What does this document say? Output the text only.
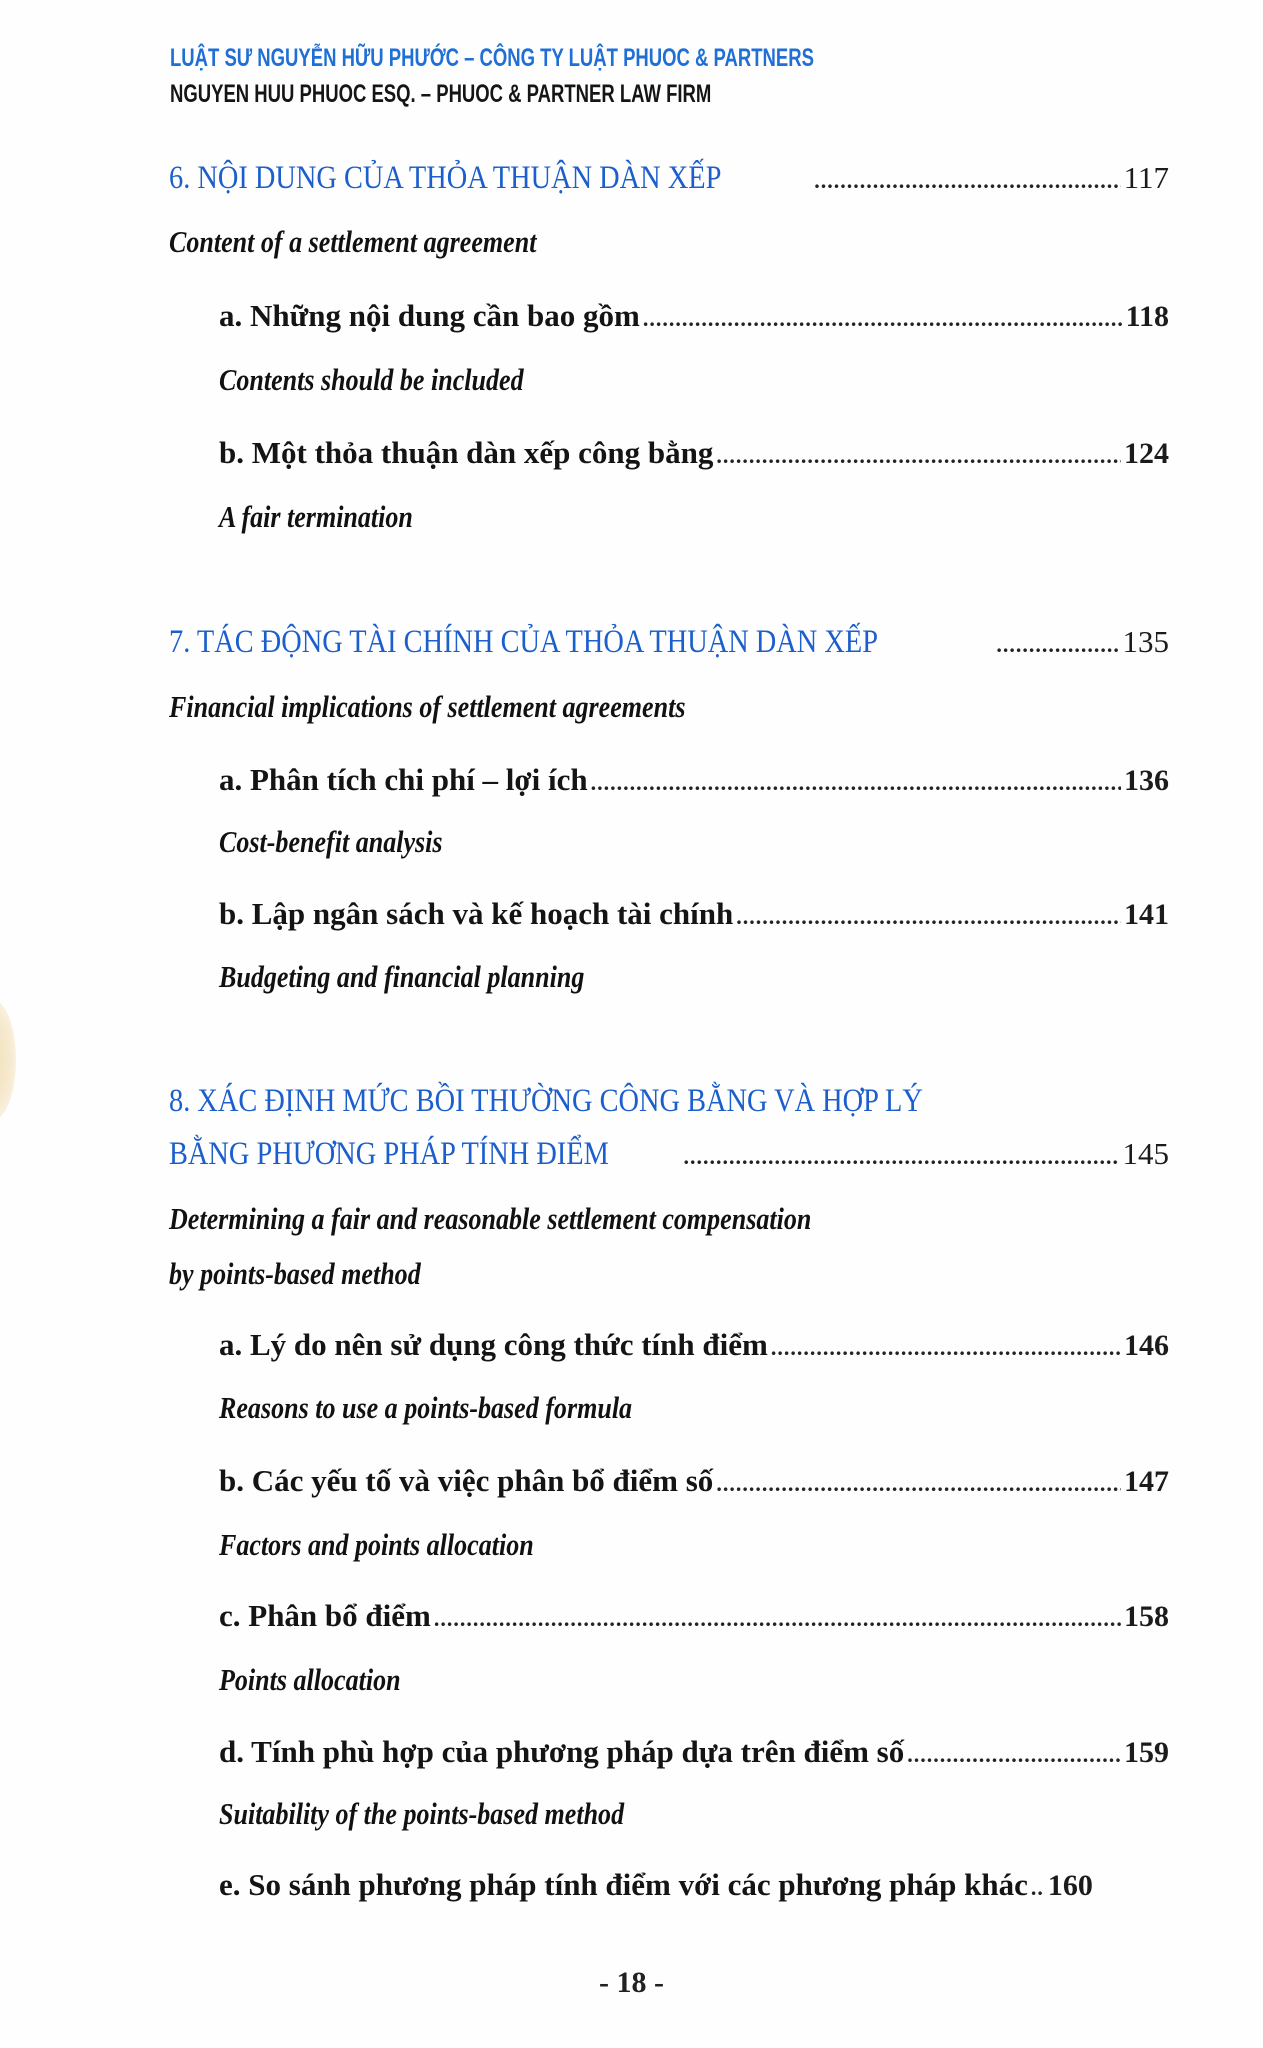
LUẬT SƯ NGUYỄN HỮU PHƯỚC – CÔNG TY LUẬT PHUOC & PARTNERS
NGUYEN HUU PHUOC ESQ. – PHUOC & PARTNER LAW FIRM
6. NỘI DUNG CỦA THỎA THUẬN DÀN XẾP .....	117
Content of a settlement agreement
a. Những nội dung cần bao gồm .....	118
Contents should be included
b. Một thỏa thuận dàn xếp công bằng .....	124
A fair termination
7. TÁC ĐỘNG TÀI CHÍNH CỦA THỎA THUẬN DÀN XẾP .....	135
Financial implications of settlement agreements
a. Phân tích chi phí – lợi ích .....	136
Cost-benefit analysis
b. Lập ngân sách và kế hoạch tài chính .....	141
Budgeting and financial planning
8. XÁC ĐỊNH MỨC BỒI THƯỜNG CÔNG BẰNG VÀ HỢP LÝ
BẰNG PHƯƠNG PHÁP TÍNH ĐIỂM .....	145
Determining a fair and reasonable settlement compensation
by points-based method
a. Lý do nên sử dụng công thức tính điểm .....	146
Reasons to use a points-based formula
b. Các yếu tố và việc phân bổ điểm số .....	147
Factors and points allocation
c. Phân bổ điểm .....	158
Points allocation
d. Tính phù hợp của phương pháp dựa trên điểm số .....	159
Suitability of the points-based method
e. So sánh phương pháp tính điểm với các phương pháp khác ..... 160
- 18 -
